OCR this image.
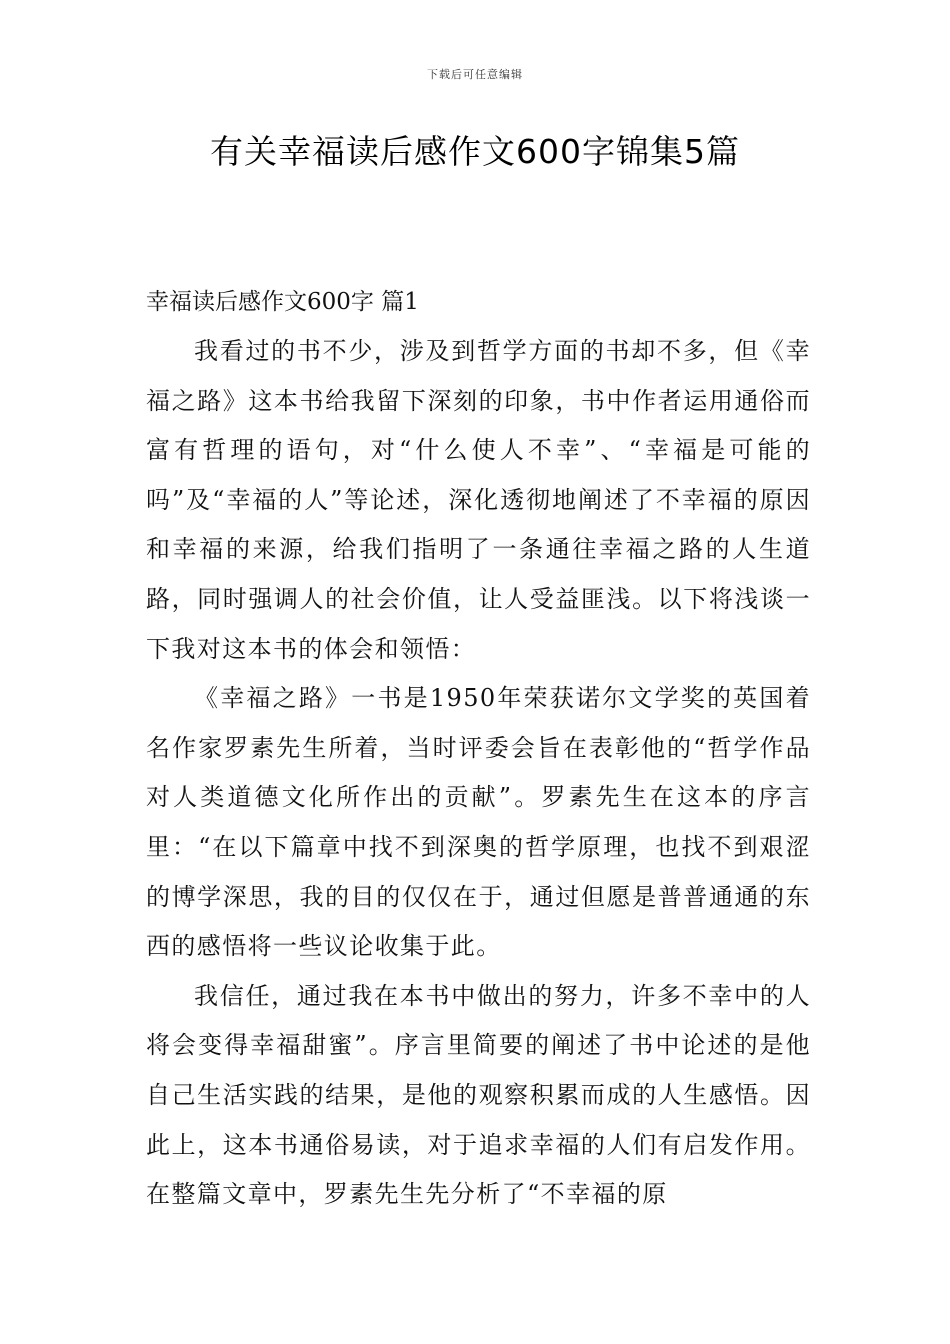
下载后可任意编辑
有关幸福读后感作文600字锦集5篇

幸福读后感作文600字 篇1

我看过的书不少，涉及到哲学方面的书却不多，但《幸福之路》这本书给我留下深刻的印象，书中作者运用通俗而富有哲理的语句，对“什么使人不幸”、“幸福是可能的吗”及“幸福的人”等论述，深化透彻地阐述了不幸福的原因和幸福的来源，给我们指明了一条通往幸福之路的人生道路，同时强调人的社会价值，让人受益匪浅。以下将浅谈一下我对这本书的体会和领悟：

《幸福之路》一书是1950年荣获诺尔文学奖的英国着名作家罗素先生所着，当时评委会旨在表彰他的“哲学作品对人类道德文化所作出的贡献”。罗素先生在这本的序言里：“在以下篇章中找不到深奥的哲学原理，也找不到艰涩的博学深思，我的目的仅仅在于，通过但愿是普普通通的东西的感悟将一些议论收集于此。

我信任，通过我在本书中做出的努力，许多不幸中的人将会变得幸福甜蜜”。序言里简要的阐述了书中论述的是他自己生活实践的结果，是他的观察积累而成的人生感悟。因此上，这本书通俗易读，对于追求幸福的人们有启发作用。在整篇文章中，罗素先生先分析了“不幸福的原
